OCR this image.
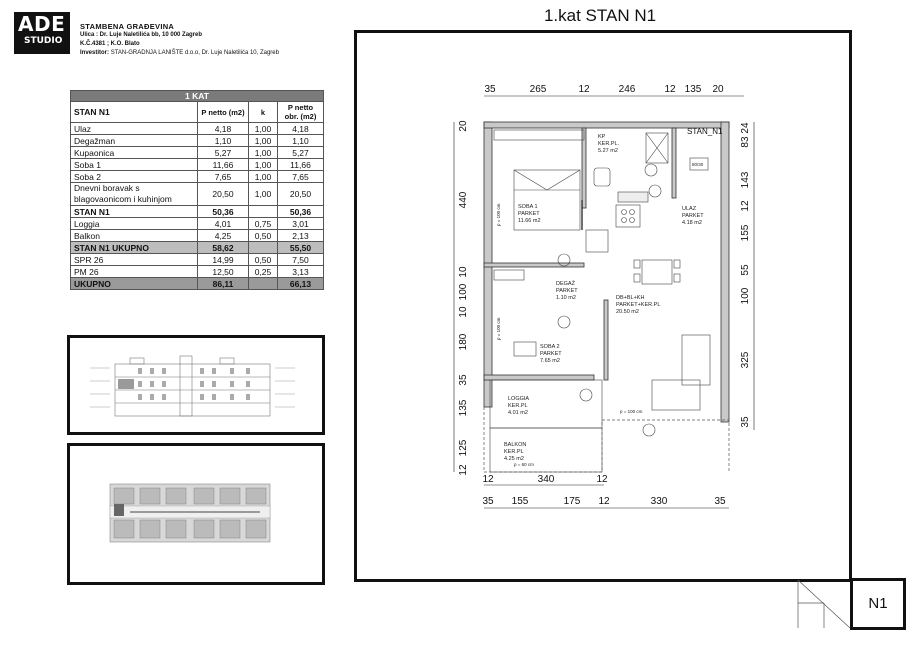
ADE
STUDIO
STAMBENA GRAĐEVINA
Ulica : Dr. Luje Naletilića bb, 10 000 Zagreb
K.Č.4381 ; K.O. Blato
Investitor: STAN-GRADNJA LANIŠTE d.o.o, Dr. Luje Naletilića 10, Zagreb
1 KAT			
STAN N1	P netto (m2)	k	P netto obr. (m2)
Ulaz	4,18	1,00	4,18
Degažman	1,10	1,00	1,10
Kupaonica	5,27	1,00	5,27
Soba 1	11,66	1,00	11,66
Soba 2	7,65	1,00	7,65
Dnevni boravak s blagovaonicom i kuhinjom	20,50	1,00	20,50
STAN N1	50,36		50,36
Loggia	4,01	0,75	3,01
Balkon	4,25	0,50	2,13
STAN N1 UKUPNO	58,62		55,50
SPR 26	14,99	0,50	7,50
PM 26	12,50	0,25	3,13
UKUPNO	86,11		66,13
1.kat STAN N1
N1
35	265	12	246	12 135 20
12	340	12
35 155	175 12	330	35
20
440
10
100
10
180
35
135
125
12
24
83
143
12
155
55
100
325
35
KP
KER.PL.
5.27 m2
SOBA 1
PARKET
11.66 m2
ULAZ
PARKET
4.18 m2
DEGAŽ
PARKET
1.10 m2	DB+BL+KH
PARKET+KER.PL
20.50 m2
SOBA 2
PARKET
7.65 m2
LOGGIA
KER.PL
4.01 m2
BALKON
KER.PL
4.25 m2
p = 100 cm
p = 100 cm
p = 100 cm
p = 60 cm
80/30
STAN_N1
